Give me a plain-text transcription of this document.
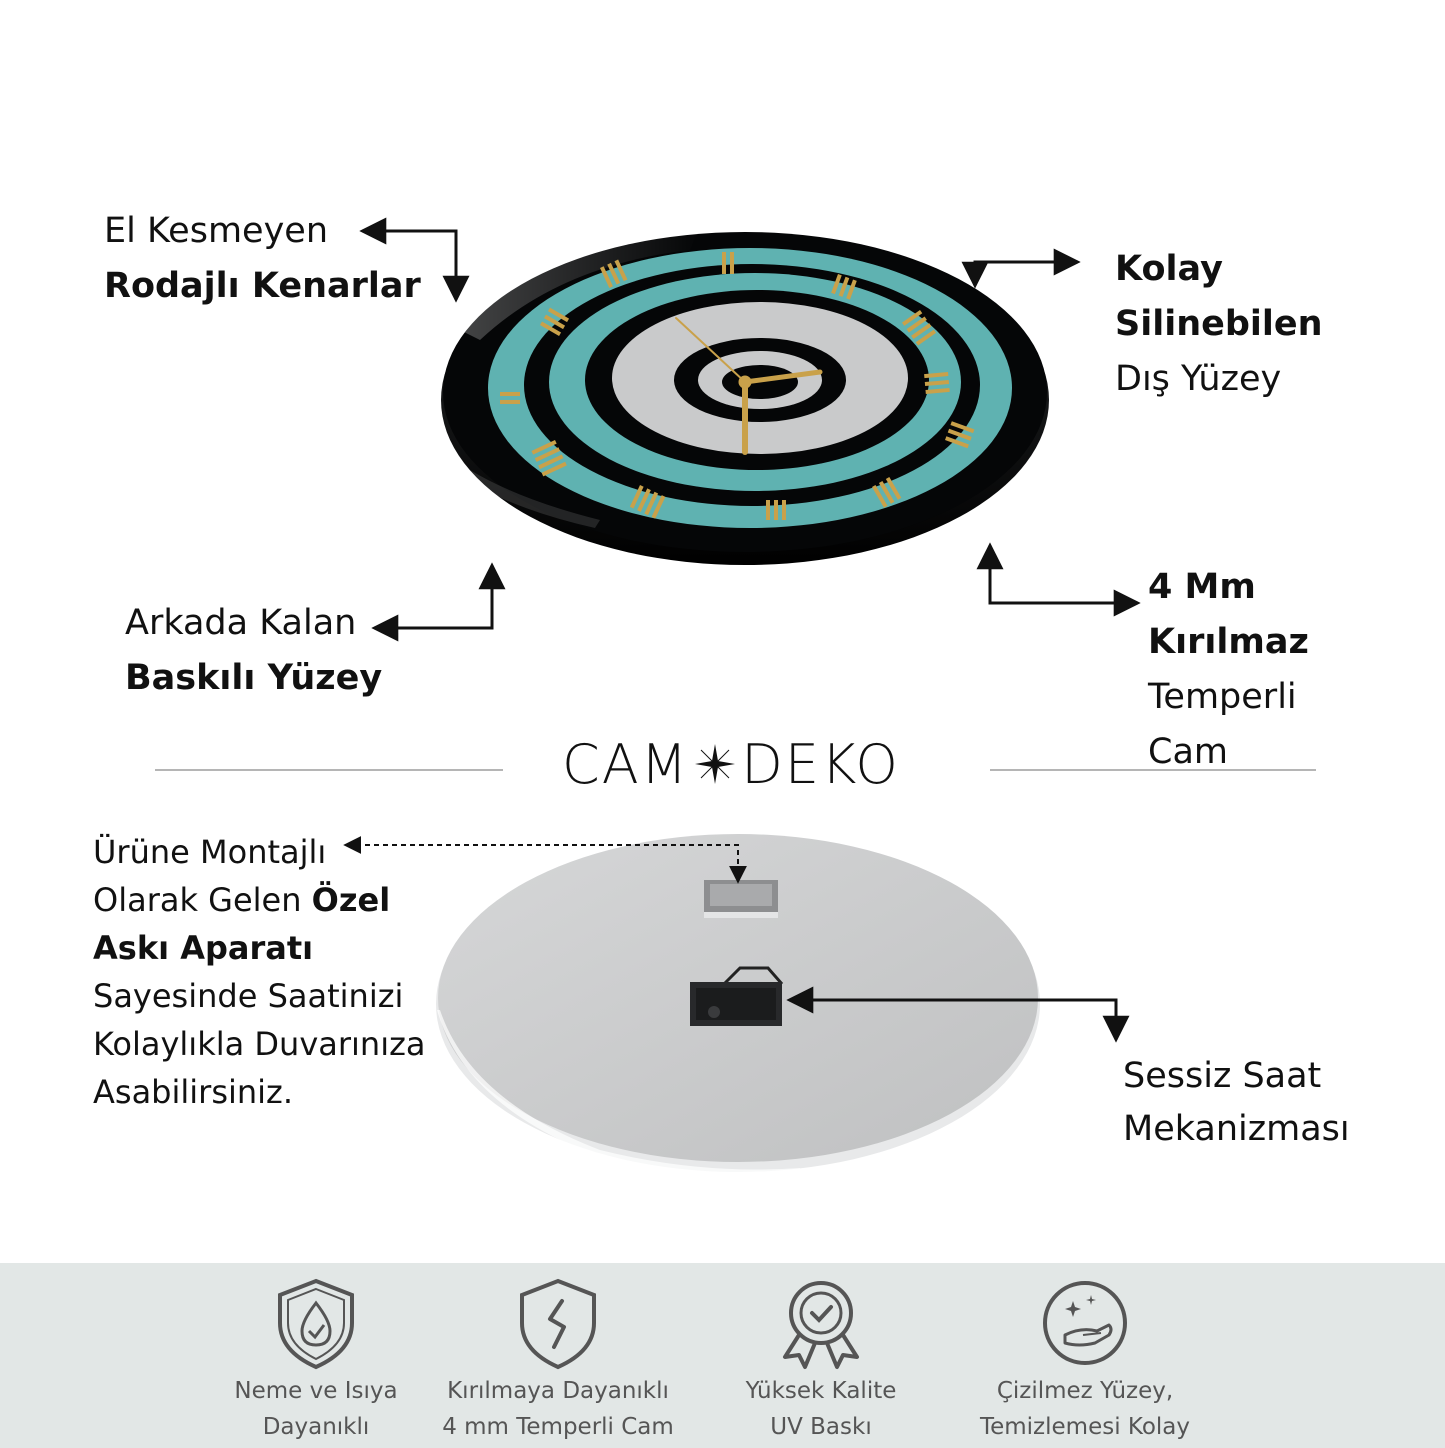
El Kesmeyen
Rodajlı Kenarlar	Kolay
Silinebilen
Dış Yüzey
Arkada Kalan
Baskılı Yüzey
4 Mm
Kırılmaz
Temperli
Cam
CAM DEKO
Ürüne Montajlı
Olarak Gelen Özel
Askı Aparatı
Sayesinde Saatinizi
Kolaylıkla Duvarınıza
Asabilirsiniz.	Sessiz Saat
Mekanizması
Neme ve Isıya
Dayanıklı
Kırılmaya Dayanıklı
4 mm Temperli Cam
Yüksek Kalite
UV Baskı
Çizilmez Yüzey,
Temizlemesi Kolay
